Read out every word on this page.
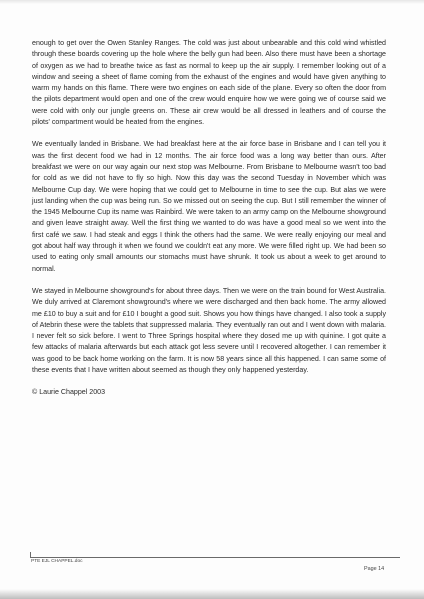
enough to get over the Owen Stanley Ranges. The cold was just about unbearable and this cold wind whistled through these boards covering up the hole where the belly gun had been. Also there must have been a shortage of oxygen as we had to breathe twice as fast as normal to keep up the air supply. I remember looking out of a window and seeing a sheet of flame coming from the exhaust of the engines and would have given anything to warm my hands on this flame. There were two engines on each side of the plane. Every so often the door from the pilots department would open and one of the crew would enquire how we were going we of course said we were cold with only our jungle greens on. These air crew would be all dressed in leathers and of course the pilots' compartment would be heated from the engines.

We eventually landed in Brisbane. We had breakfast here at the air force base in Brisbane and I can tell you it was the first decent food we had in 12 months. The air force food was a long way better than ours. After breakfast we were on our way again our next stop was Melbourne. From Brisbane to Melbourne wasn't too bad for cold as we did not have to fly so high. Now this day was the second Tuesday in November which was Melbourne Cup day. We were hoping that we could get to Melbourne in time to see the cup. But alas we were just landing when the cup was being run. So we missed out on seeing the cup. But I still remember the winner of the 1945 Melbourne Cup its name was Rainbird. We were taken to an army camp on the Melbourne showground and given leave straight away. Well the first thing we wanted to do was have a good meal so we went into the first café we saw. I had steak and eggs I think the others had the same. We were really enjoying our meal and got about half way through it when we found we couldn't eat any more. We were filled right up. We had been so used to eating only small amounts our stomachs must have shrunk. It took us about a week to get around to normal.

We stayed in Melbourne showground's for about three days. Then we were on the train bound for West Australia. We duly arrived at Claremont showground's where we were discharged and then back home. The army allowed me £10 to buy a suit and for £10 I bought a good suit. Shows you how things have changed. I also took a supply of Atebrin these were the tablets that suppressed malaria. They eventually ran out and I went down with malaria. I never felt so sick before. I went to Three Springs hospital where they dosed me up with quinine. I got quite a few attacks of malaria afterwards but each attack got less severe until I recovered altogether. I can remember it was good to be back home working on the farm. It is now 58 years since all this happened. I can same some of these events that I have written about seemed as though they only happened yesterday.

© Laurie Chappel 2003

PTE EJL CHAPPEL.doc
Page 14
